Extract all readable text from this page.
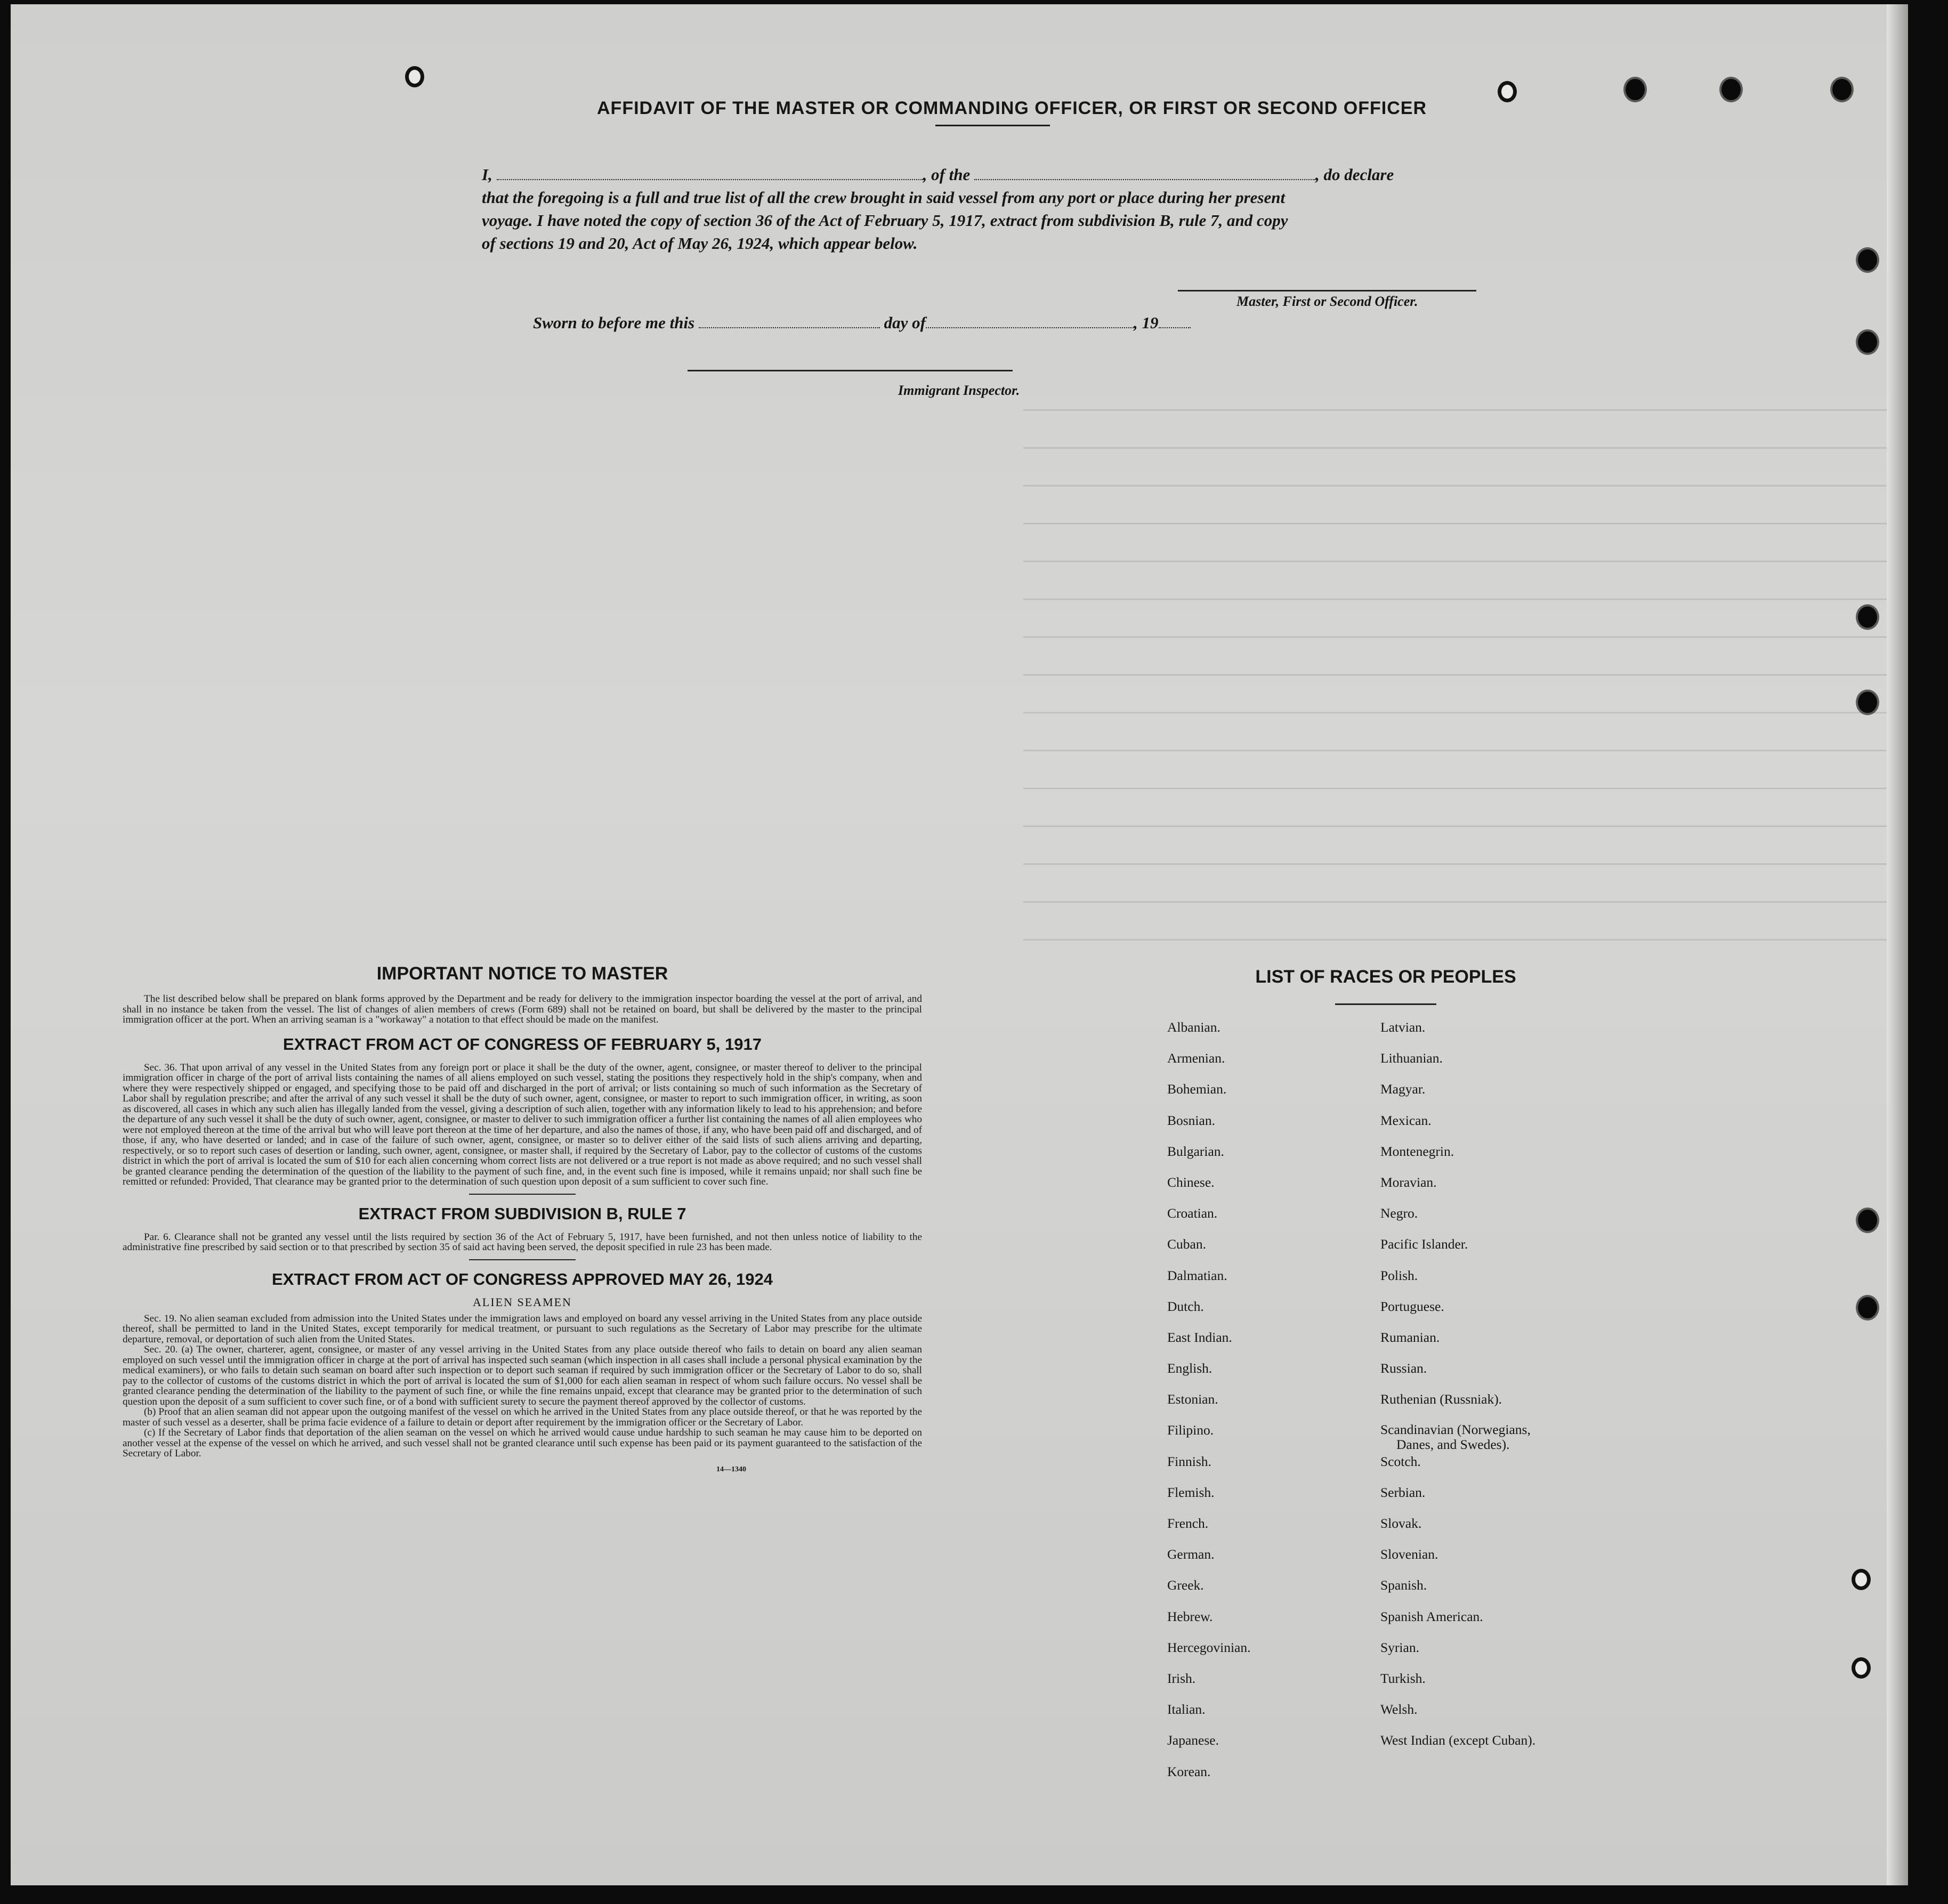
AFFIDAVIT OF THE MASTER OR COMMANDING OFFICER, OR FIRST OR SECOND OFFICER
I,	, of the	, do declare
that the foregoing is a full and true list of all the crew brought in said vessel from any port or place during her present
voyage. I have noted the copy of section 36 of the Act of February 5, 1917, extract from subdivision B, rule 7, and copy
of sections 19 and 20, Act of May 26, 1924, which appear below.
Master, First or Second Officer.
Sworn to before me this	day of	, 19
Immigrant Inspector.
IMPORTANT NOTICE TO MASTER

The list described below shall be prepared on blank forms approved by the Department and be ready for delivery to the immigration inspector boarding the vessel at the port of arrival, and shall in no instance be taken from the vessel. The list of changes of alien members of crews (Form 689) shall not be retained on board, but shall be delivered by the master to the principal immigration officer at the port. When an arriving seaman is a "workaway" a notation to that effect should be made on the manifest.

EXTRACT FROM ACT OF CONGRESS OF FEBRUARY 5, 1917

Sec. 36. That upon arrival of any vessel in the United States from any foreign port or place it shall be the duty of the owner, agent, consignee, or master thereof to deliver to the principal immigration officer in charge of the port of arrival lists containing the names of all aliens employed on such vessel, stating the positions they respectively hold in the ship's company, when and where they were respectively shipped or engaged, and specifying those to be paid off and discharged in the port of arrival; or lists containing so much of such information as the Secretary of Labor shall by regulation prescribe; and after the arrival of any such vessel it shall be the duty of such owner, agent, consignee, or master to report to such immigration officer, in writing, as soon as discovered, all cases in which any such alien has illegally landed from the vessel, giving a description of such alien, together with any information likely to lead to his apprehension; and before the departure of any such vessel it shall be the duty of such owner, agent, consignee, or master to deliver to such immigration officer a further list containing the names of all alien employees who were not employed thereon at the time of the arrival but who will leave port thereon at the time of her departure, and also the names of those, if any, who have been paid off and discharged, and of those, if any, who have deserted or landed; and in case of the failure of such owner, agent, consignee, or master so to deliver either of the said lists of such aliens arriving and departing, respectively, or so to report such cases of desertion or landing, such owner, agent, consignee, or master shall, if required by the Secretary of Labor, pay to the collector of customs of the customs district in which the port of arrival is located the sum of $10 for each alien concerning whom correct lists are not delivered or a true report is not made as above required; and no such vessel shall be granted clearance pending the determination of the question of the liability to the payment of such fine, and, in the event such fine is imposed, while it remains unpaid; nor shall such fine be remitted or refunded: Provided, That clearance may be granted prior to the determination of such question upon deposit of a sum sufficient to cover such fine.

EXTRACT FROM SUBDIVISION B, RULE 7

Par. 6. Clearance shall not be granted any vessel until the lists required by section 36 of the Act of February 5, 1917, have been furnished, and not then unless notice of liability to the administrative fine prescribed by said section or to that prescribed by section 35 of said act having been served, the deposit specified in rule 23 has been made.

EXTRACT FROM ACT OF CONGRESS APPROVED MAY 26, 1924
ALIEN SEAMEN

Sec. 19. No alien seaman excluded from admission into the United States under the immigration laws and employed on board any vessel arriving in the United States from any place outside thereof, shall be permitted to land in the United States, except temporarily for medical treatment, or pursuant to such regulations as the Secretary of Labor may prescribe for the ultimate departure, removal, or deportation of such alien from the United States.

Sec. 20. (a) The owner, charterer, agent, consignee, or master of any vessel arriving in the United States from any place outside thereof who fails to detain on board any alien seaman employed on such vessel until the immigration officer in charge at the port of arrival has inspected such seaman (which inspection in all cases shall include a personal physical examination by the medical examiners), or who fails to detain such seaman on board after such inspection or to deport such seaman if required by such immigration officer or the Secretary of Labor to do so, shall pay to the collector of customs of the customs district in which the port of arrival is located the sum of $1,000 for each alien seaman in respect of whom such failure occurs. No vessel shall be granted clearance pending the determination of the liability to the payment of such fine, or while the fine remains unpaid, except that clearance may be granted prior to the determination of such question upon the deposit of a sum sufficient to cover such fine, or of a bond with sufficient surety to secure the payment thereof approved by the collector of customs.

(b) Proof that an alien seaman did not appear upon the outgoing manifest of the vessel on which he arrived in the United States from any place outside thereof, or that he was reported by the master of such vessel as a deserter, shall be prima facie evidence of a failure to detain or deport after requirement by the immigration officer or the Secretary of Labor.

(c) If the Secretary of Labor finds that deportation of the alien seaman on the vessel on which he arrived would cause undue hardship to such seaman he may cause him to be deported on another vessel at the expense of the vessel on which he arrived, and such vessel shall not be granted clearance until such expense has been paid or its payment guaranteed to the satisfaction of the Secretary of Labor.

14—1340
LIST OF RACES OR PEOPLES
Albanian.
Armenian.
Bohemian.
Bosnian.
Bulgarian.
Chinese.
Croatian.
Cuban.
Dalmatian.
Dutch.
East Indian.
English.
Estonian.
Filipino.
Finnish.
Flemish.
French.
German.
Greek.
Hebrew.
Hercegovinian.
Irish.
Italian.
Japanese.
Korean.
Latvian.
Lithuanian.
Magyar.
Mexican.
Montenegrin.
Moravian.
Negro.
Pacific Islander.
Polish.
Portuguese.
Rumanian.
Russian.
Ruthenian (Russniak).
Scandinavian (Norwegians,
Danes, and Swedes).
Scotch.
Serbian.
Slovak.
Slovenian.
Spanish.
Spanish American.
Syrian.
Turkish.
Welsh.
West Indian (except Cuban).
